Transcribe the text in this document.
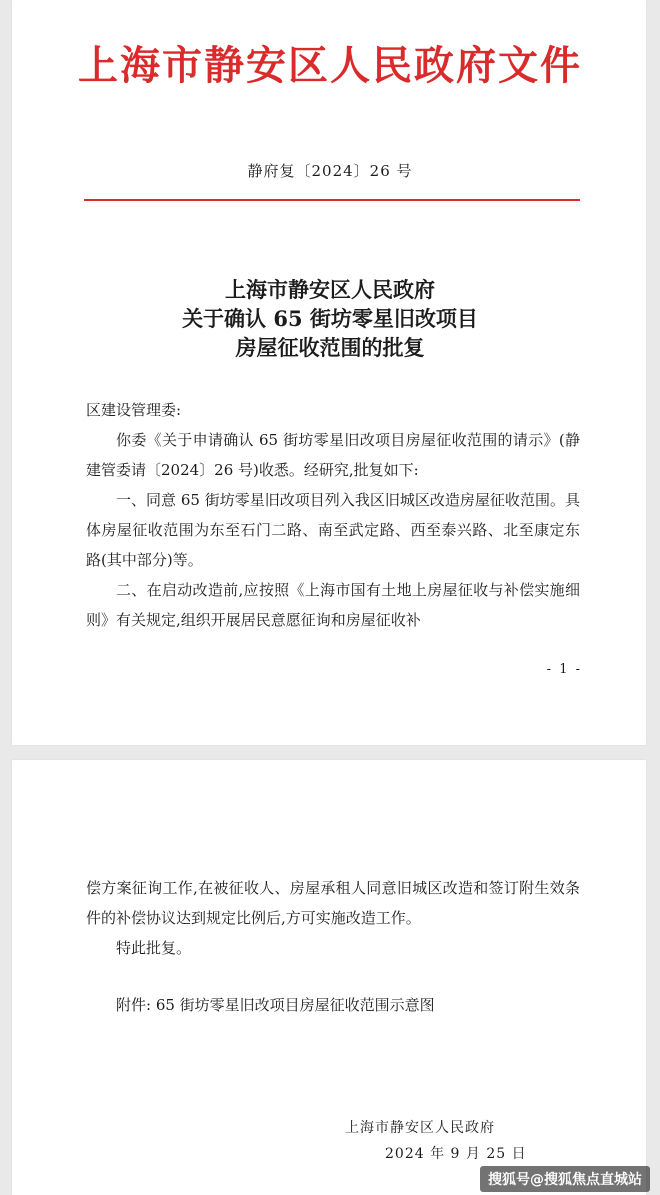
上海市静安区人民政府文件
静府复〔2024〕26 号
上海市静安区人民政府
关于确认 65 街坊零星旧改项目
房屋征收范围的批复

区建设管理委:

你委《关于申请确认 65 街坊零星旧改项目房屋征收范围的请示》(静建管委请〔2024〕26 号)收悉。经研究,批复如下:

一、同意 65 街坊零星旧改项目列入我区旧城区改造房屋征收范围。具体房屋征收范围为东至石门二路、南至武定路、西至泰兴路、北至康定东路(其中部分)等。

二、在启动改造前,应按照《上海市国有土地上房屋征收与补偿实施细则》有关规定,组织开展居民意愿征询和房屋征收补

- 1 -

偿方案征询工作,在被征收人、房屋承租人同意旧城区改造和签订附生效条件的补偿协议达到规定比例后,方可实施改造工作。

特此批复。

附件: 65 街坊零星旧改项目房屋征收范围示意图

上海市静安区人民政府
2024 年 9 月 25 日
搜狐号@搜狐焦点直城站
